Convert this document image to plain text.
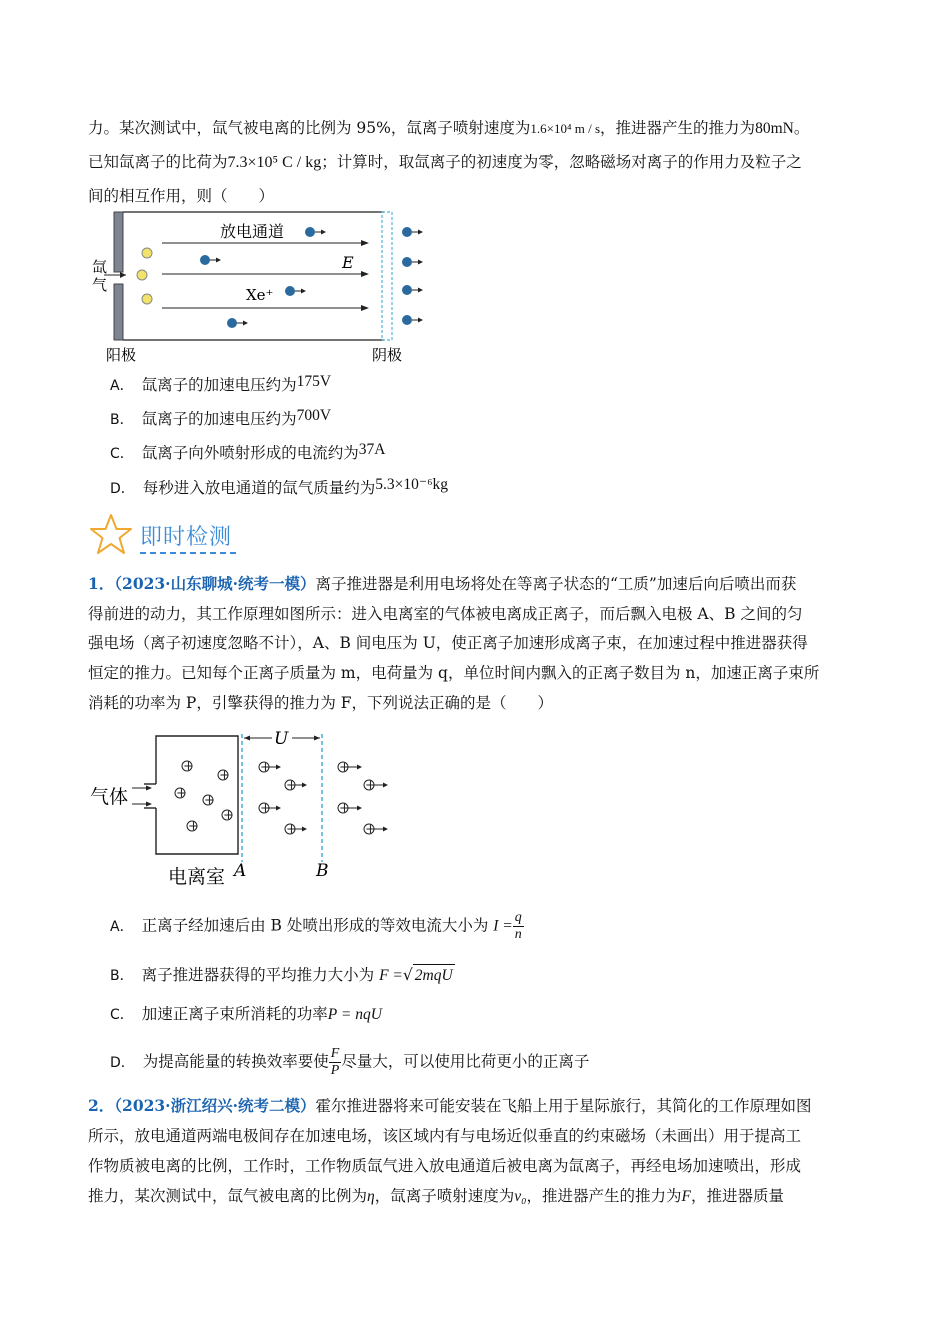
力。某次测试中，氙气被电离的比例为 95%，氙离子喷射速度为1.6×10⁴ m / s，推进器产生的推力为80mN。
已知氙离子的比荷为7.3×10⁵ C / kg；计算时，取氙离子的初速度为零，忽略磁场对离子的作用力及粒子之
间的相互作用，则（　　）
氙
气
放电通道
E
Xe⁺
阳极	阴极
A． 氙离子的加速电压约为175V
B． 氙离子的加速电压约为700V
C． 氙离子向外喷射形成的电流约为37A
D． 每秒进入放电通道的氙气质量约为5.3×10⁻⁶kg
即时检测
1．（2023·山东聊城·统考一模）离子推进器是利用电场将处在等离子状态的“工质”加速后向后喷出而获
得前进的动力，其工作原理如图所示：进入电离室的气体被电离成正离子，而后飘入电极 A、B 之间的匀
强电场（离子初速度忽略不计），A、B 间电压为 U，使正离子加速形成离子束，在加速过程中推进器获得
恒定的推力。已知每个正离子质量为 m，电荷量为 q，单位时间内飘入的正离子数目为 n，加速正离子束所
消耗的功率为 P，引擎获得的推力为 F，下列说法正确的是（　　）
气体
U
+
+
+ +
+
+
+
+
+
+
+
+
+
+
电离室 A	B
A． 正离子经加速后由 B 处喷出形成的等效电流大小为 $I = \frac{q}{n}$
B． 离子推进器获得的平均推力大小为 F =√ 2mqU
C． 加速正离子束所消耗的功率P = nqU
D． 为提高能量的转换效率要使 $\frac{F}{P}$ 尽量大，可以使用比荷更小的正离子
2．（2023·浙江绍兴·统考二模）霍尔推进器将来可能安装在飞船上用于星际旅行，其简化的工作原理如图
所示，放电通道两端电极间存在加速电场，该区域内有与电场近似垂直的约束磁场（未画出）用于提高工
作物质被电离的比例，工作时，工作物质氙气进入放电通道后被电离为氙离子，再经电场加速喷出，形成
推力，某次测试中，氙气被电离的比例为η，氙离子喷射速度为v₀，推进器产生的推力为F，推进器质量
